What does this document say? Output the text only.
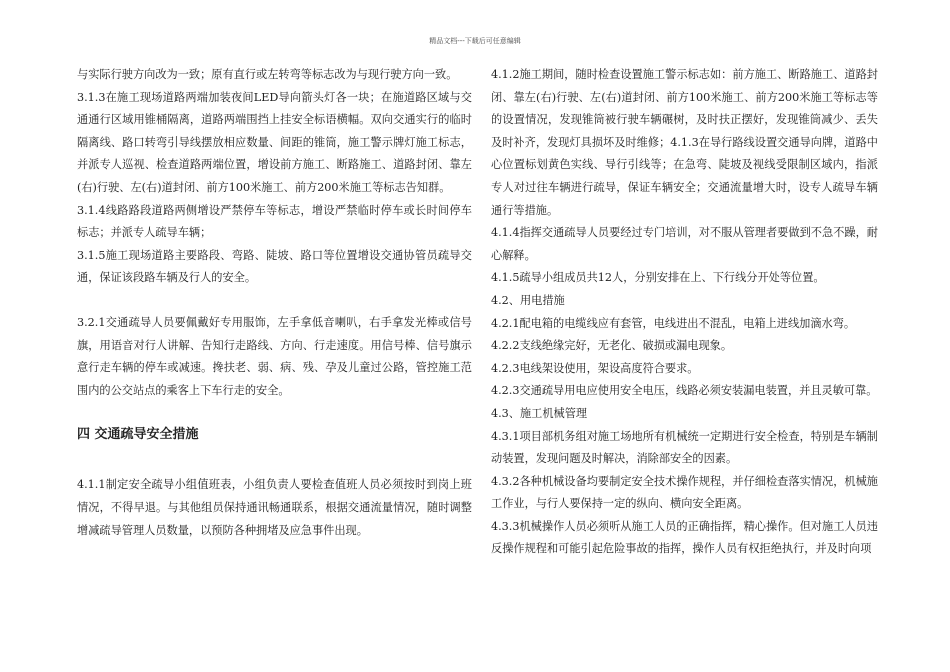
精品文档---下载后可任意编辑

与实际行驶方向改为一致；原有直行或左转弯等标志改为与现行驶方向一致。

3.1.3在施工现场道路两端加装夜间LED导向箭头灯各一块；在施道路区域与交通通行区域用锥桶隔离，道路两端围挡上挂安全标语横幅。双向交通实行的临时隔离线、路口转弯引导线摆放相应数量、间距的锥筒，施工警示牌灯施工标志，并派专人巡视、检查道路两端位置，增设前方施工、断路施工、道路封闭、靠左(右)行驶、左(右)道封闭、前方100米施工、前方200米施工等标志告知群。

3.1.4线路路段道路两侧增设严禁停车等标志，增设严禁临时停车或长时间停车标志；并派专人疏导车辆；

3.1.5施工现场道路主要路段、弯路、陡坡、路口等位置增设交通协管员疏导交通，保证该段路车辆及行人的安全。

3.2.1交通疏导人员要佩戴好专用服饰，左手拿低音喇叭，右手拿发光棒或信号旗，用语音对行人讲解、告知行走路线、方向、行走速度。用信号棒、信号旗示意行走车辆的停车或减速。搀扶老、弱、病、残、孕及儿童过公路，管控施工范围内的公交站点的乘客上下车行走的安全。

四 交通疏导安全措施

4.1.1制定安全疏导小组值班表，小组负责人要检查值班人员必须按时到岗上班情况，不得早退。与其他组员保持通讯畅通联系，根据交通流量情况，随时调整增减疏导管理人员数量，以预防各种拥堵及应急事件出现。

4.1.2施工期间，随时检查设置施工警示标志如：前方施工、断路施工、道路封闭、靠左(右)行驶、左(右)道封闭、前方100米施工、前方200米施工等标志等的设置情况，发现锥筒被行驶车辆碾树，及时扶正摆好，发现锥筒减少、丢失及时补齐，发现灯具损坏及时维修；4.1.3在导行路线设置交通导向牌，道路中心位置标划黄色实线、导行引线等；在急弯、陡坡及视线受限制区域内，指派专人对过往车辆进行疏导，保证车辆安全；交通流量增大时，设专人疏导车辆通行等措施。

4.1.4指挥交通疏导人员要经过专门培训，对不服从管理者要做到不急不躁，耐心解释。

4.1.5疏导小组成员共12人，分别安排在上、下行线分开处等位置。

4.2、用电措施

4.2.1配电箱的电缆线应有套管，电线进出不混乱，电箱上进线加滴水弯。

4.2.2支线绝缘完好，无老化、破损或漏电现象。

4.2.3电线架设使用，架设高度符合要求。

4.2.3交通疏导用电应使用安全电压，线路必须安装漏电装置，并且灵敏可靠。

4.3、施工机械管理

4.3.1项目部机务组对施工场地所有机械统一定期进行安全检查，特别是车辆制动装置，发现问题及时解决，消除部安全的因素。

4.3.2各种机械设备均要制定安全技术操作规程，并仔细检查落实情况，机械施工作业，与行人要保持一定的纵向、横向安全距离。

4.3.3机械操作人员必须听从施工人员的正确指挥，精心操作。但对施工人员违反操作规程和可能引起危险事故的指挥，操作人员有权拒绝执行，并及时向项
